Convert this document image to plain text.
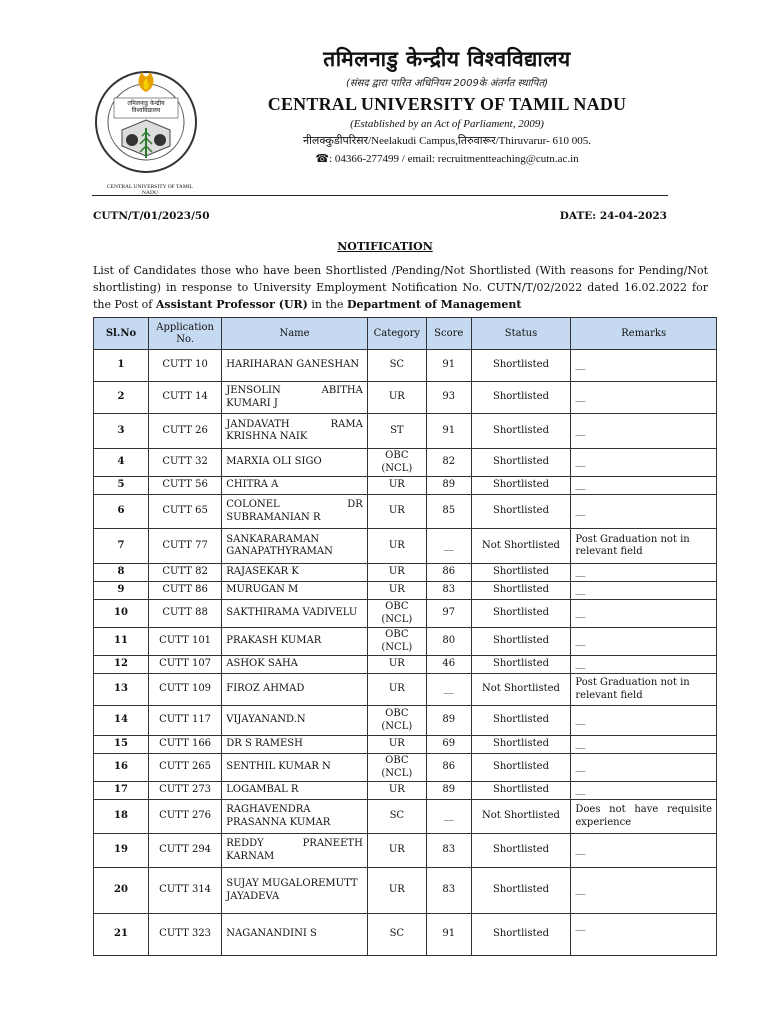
तमिलनाडु केन्द्रीय विश्वविद्यालय
CENTRAL UNIVERSITY OF TAMIL NADU
तमिलनाडु केन्द्रीय विश्वविद्यालय
(संसद द्वारा पारित अधिनियम 2009के अंतर्गत स्थापित)
CENTRAL UNIVERSITY OF TAMIL NADU
(Established by an Act of Parliament, 2009)
नीलक्कुडीपरिसर/Neelakudi Campus,तिरुवारूर/Thiruvarur- 610 005.
☎: 04366-277499 / email: recruitmentteaching@cutn.ac.in
CUTN/T/01/2023/50	DATE: 24-04-2023
NOTIFICATION
List of Candidates those who have been Shortlisted /Pending/Not Shortlisted (With reasons for Pending/Not shortlisting) in response to University Employment Notification No. CUTN/T/02/2022 dated 16.02.2022 for the Post of Assistant Professor (UR) in the Department of Management
Sl.No	Application No.	Name	Category	Score	Status	Remarks
1	CUTT 10	HARIHARAN GANESHAN	SC	91	Shortlisted	__
2	CUTT 14	JENSOLIN ABITHA KUMARI J	UR	93	Shortlisted	__
3	CUTT 26	JANDAVATH RAMA KRISHNA NAIK	ST	91	Shortlisted	__
4	CUTT 32	MARXIA OLI SIGO	OBC (NCL)	82	Shortlisted	__
5	CUTT 56	CHITRA A	UR	89	Shortlisted	__
6	CUTT 65	COLONEL DR SUBRAMANIAN R	UR	85	Shortlisted	__
7	CUTT 77	SANKARARAMAN GANAPATHYRAMAN	UR	__	Not Shortlisted	Post Graduation not in relevant field
8	CUTT 82	RAJASEKAR K	UR	86	Shortlisted	__
9	CUTT 86	MURUGAN M	UR	83	Shortlisted	__
10	CUTT 88	SAKTHIRAMA VADIVELU	OBC (NCL)	97	Shortlisted	__
11	CUTT 101	PRAKASH KUMAR	OBC (NCL)	80	Shortlisted	__
12	CUTT 107	ASHOK SAHA	UR	46	Shortlisted	__
13	CUTT 109	FIROZ AHMAD	UR	__	Not Shortlisted	Post Graduation not in relevant field
14	CUTT 117	VIJAYANAND.N	OBC (NCL)	89	Shortlisted	__
15	CUTT 166	DR S RAMESH	UR	69	Shortlisted	__
16	CUTT 265	SENTHIL KUMAR N	OBC (NCL)	86	Shortlisted	__
17	CUTT 273	LOGAMBAL R	UR	89	Shortlisted	__
18	CUTT 276	RAGHAVENDRA PRASANNA KUMAR	SC	__	Not Shortlisted	Does not have requisite experience
19	CUTT 294	REDDY PRANEETH KARNAM	UR	83	Shortlisted	__
20	CUTT 314	SUJAY MUGALOREMUTT JAYADEVA	UR	83	Shortlisted	__
21	CUTT 323	NAGANANDINI S	SC	91	Shortlisted	__
